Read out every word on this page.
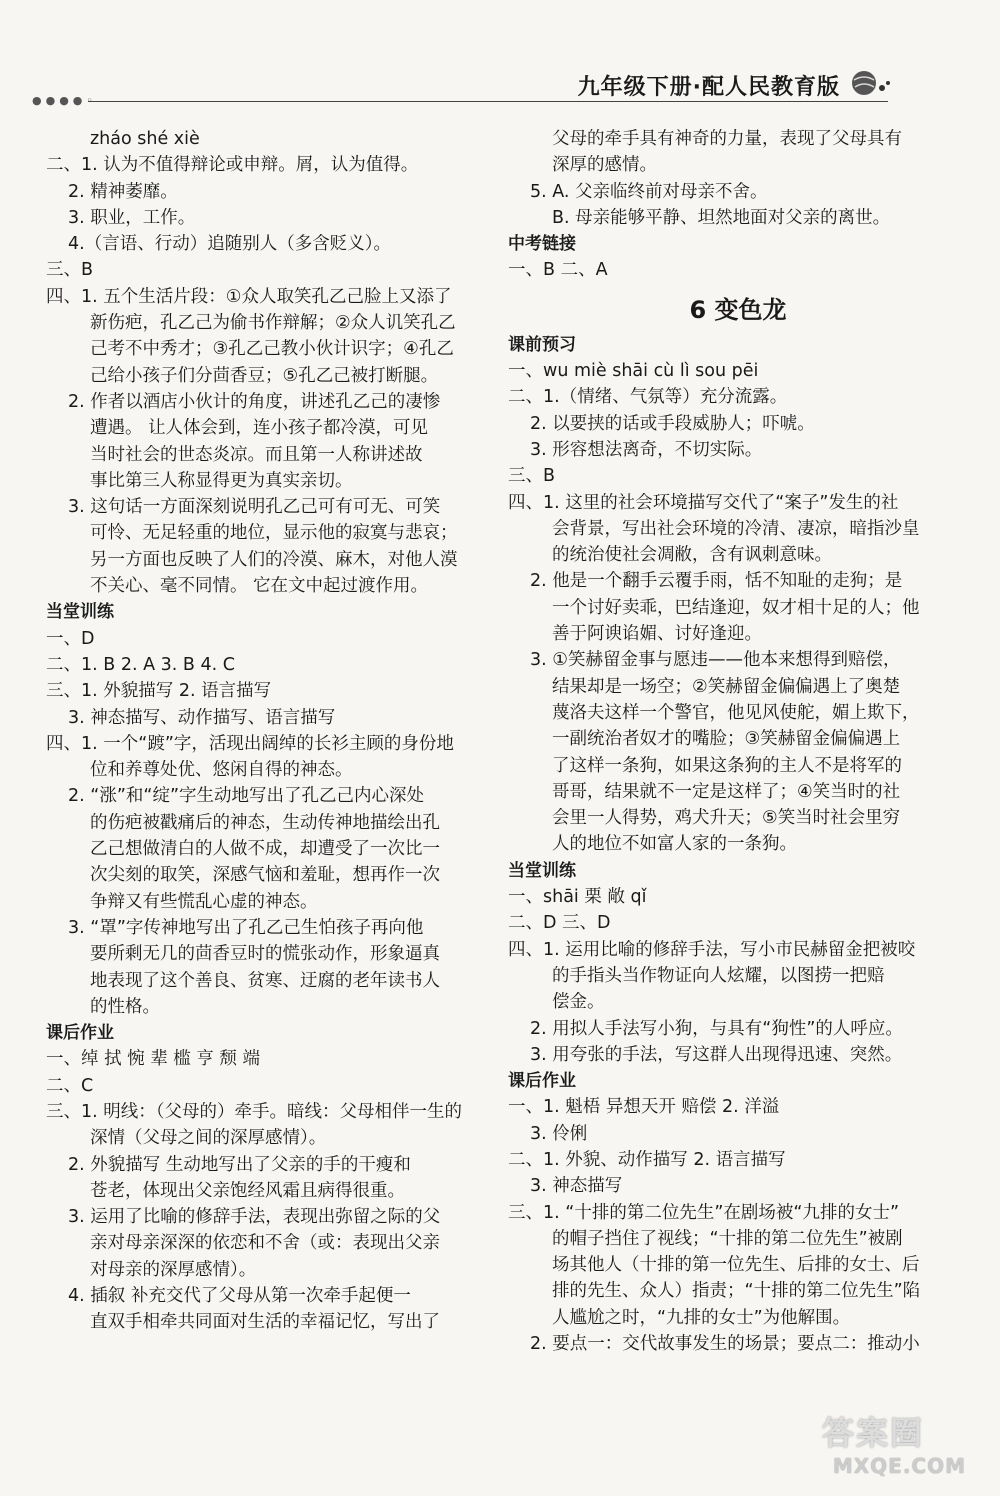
●●●●◦
九年级下册·配人民教育版
zháo shé xiè
二、1. 认为不值得辩论或申辩。屑，认为值得。
2. 精神萎靡。
3. 职业，工作。
4.（言语、行动）追随别人（多含贬义）。
三、B
四、1. 五个生活片段：①众人取笑孔乙己脸上又添了
新伤疤，孔乙己为偷书作辩解；②众人讥笑孔乙
己考不中秀才；③孔乙己教小伙计识字；④孔乙
己给小孩子们分茴香豆；⑤孔乙己被打断腿。
2. 作者以酒店小伙计的角度，讲述孔乙己的凄惨
遭遇。 让人体会到，连小孩子都冷漠，可见
当时社会的世态炎凉。而且第一人称讲述故
事比第三人称显得更为真实亲切。
3. 这句话一方面深刻说明孔乙己可有可无、可笑
可怜、无足轻重的地位，显示他的寂寞与悲哀；
另一方面也反映了人们的冷漠、麻木，对他人漠
不关心、毫不同情。 它在文中起过渡作用。
当堂训练
一、D
二、1. B 2. A 3. B 4. C
三、1. 外貌描写 2. 语言描写
3. 神态描写、动作描写、语言描写
四、1. 一个“踱”字，活现出阔绰的长衫主顾的身份地
位和养尊处优、悠闲自得的神态。
2. “涨”和“绽”字生动地写出了孔乙己内心深处
的伤疤被戳痛后的神态，生动传神地描绘出孔
乙己想做清白的人做不成，却遭受了一次比一
次尖刻的取笑，深感气恼和羞耻，想再作一次
争辩又有些慌乱心虚的神态。
3. “罩”字传神地写出了孔乙己生怕孩子再向他
要所剩无几的茴香豆时的慌张动作，形象逼真
地表现了这个善良、贫寒、迂腐的老年读书人
的性格。
课后作业
一、绰 拭 惋 辈 槛 亨 颓 端
二、C
三、1. 明线：（父母的）牵手。暗线：父母相伴一生的
深情（父母之间的深厚感情）。
2. 外貌描写 生动地写出了父亲的手的干瘦和
苍老，体现出父亲饱经风霜且病得很重。
3. 运用了比喻的修辞手法，表现出弥留之际的父
亲对母亲深深的依恋和不舍（或：表现出父亲
对母亲的深厚感情）。
4. 插叙 补充交代了父母从第一次牵手起便一
直双手相牵共同面对生活的幸福记忆，写出了
父母的牵手具有神奇的力量，表现了父母具有
深厚的感情。
5. A. 父亲临终前对母亲不舍。
B. 母亲能够平静、坦然地面对父亲的离世。
中考链接
一、B 二、A
6 变色龙
课前预习
一、wu miè shāi cù lì sou pēi
二、1.（情绪、气氛等）充分流露。
2. 以要挟的话或手段威胁人；吓唬。
3. 形容想法离奇，不切实际。
三、B
四、1. 这里的社会环境描写交代了“案子”发生的社
会背景，写出社会环境的冷清、凄凉，暗指沙皇
的统治使社会凋敝，含有讽刺意味。
2. 他是一个翻手云覆手雨，恬不知耻的走狗；是
一个讨好卖乖，巴结逢迎，奴才相十足的人；他
善于阿谀谄媚、讨好逢迎。
3. ①笑赫留金事与愿违——他本来想得到赔偿，
结果却是一场空；②笑赫留金偏偏遇上了奥楚
蔑洛夫这样一个警官，他见风使舵，媚上欺下，
一副统治者奴才的嘴脸；③笑赫留金偏偏遇上
了这样一条狗，如果这条狗的主人不是将军的
哥哥，结果就不一定是这样了；④笑当时的社
会里一人得势，鸡犬升天；⑤笑当时社会里穷
人的地位不如富人家的一条狗。
当堂训练
一、shāi 栗 敞 qǐ
二、D 三、D
四、1. 运用比喻的修辞手法，写小市民赫留金把被咬
的手指头当作物证向人炫耀，以图捞一把赔
偿金。
2. 用拟人手法写小狗，与具有“狗性”的人呼应。
3. 用夸张的手法，写这群人出现得迅速、突然。
课后作业
一、1. 魁梧 异想天开 赔偿 2. 洋溢
3. 伶俐
二、1. 外貌、动作描写 2. 语言描写
3. 神态描写
三、1. “十排的第二位先生”在剧场被“九排的女士”
的帽子挡住了视线；“十排的第二位先生”被剧
场其他人（十排的第一位先生、后排的女士、后
排的先生、众人）指责；“十排的第二位先生”陷
人尴尬之时，“九排的女士”为他解围。
2. 要点一：交代故事发生的场景；要点二：推动小
答案圈
MXQE.COM
